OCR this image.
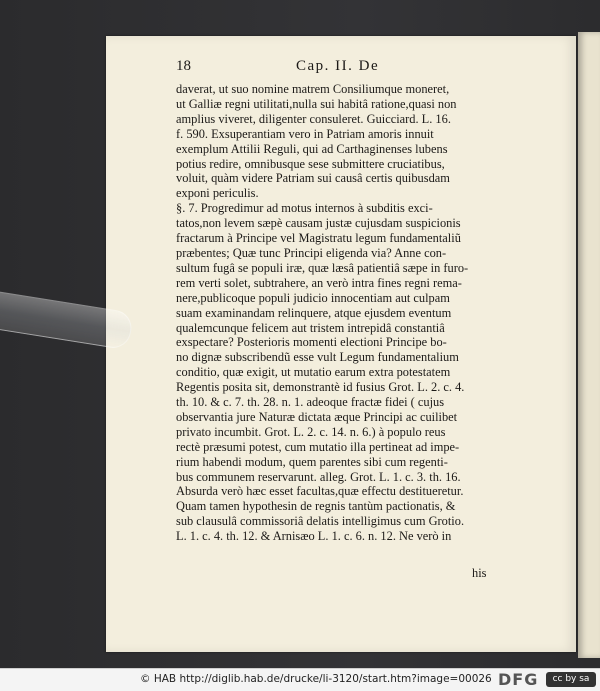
18	Cap. II. De
daverat, ut suo nomine matrem Consiliumque moneret,
ut Galliæ regni utilitati,nulla sui habitâ ratione,quasi non
amplius viveret, diligenter consuleret. Guicciard. L. 16.
f. 590. Exsuperantiam vero in Patriam amoris innuit
exemplum Attilii Reguli, qui ad Carthaginenses lubens
potius redire, omnibusque sese submittere cruciatibus,
voluit, quàm videre Patriam sui causâ certis quibusdam
exponi periculis.
§. 7. Progredimur ad motus internos à subditis exci-
tatos,non levem sæpè causam justæ cujusdam suspicionis
fractarum à Principe vel Magistratu legum fundamentaliũ
præbentes; Quæ tunc Principi eligenda via? Anne con-
sultum fugâ se populi iræ, quæ læsâ patientiâ sæpe in furo-
rem verti solet, subtrahere, an verò intra fines regni rema-
nere,publicoque populi judicio innocentiam aut culpam
suam examinandam relinquere, atque ejusdem eventum
qualemcunque felicem aut tristem intrepidâ constantiâ
exspectare? Posterioris momenti electioni Principe bo-
no dignæ subscribendũ esse vult Legum fundamentalium
conditio, quæ exigit, ut mutatio earum extra potestatem
Regentis posita sit, demonstrantè id fusius Grot. L. 2. c. 4.
th. 10. & c. 7. th. 28. n. 1. adeoque fractæ fidei ( cujus
observantia jure Naturæ dictata æque Principi ac cuilibet
privato incumbit. Grot. L. 2. c. 14. n. 6.) à populo reus
rectè præsumi potest, cum mutatio illa pertineat ad impe-
rium habendi modum, quem parentes sibi cum regenti-
bus communem reservarunt. alleg. Grot. L. 1. c. 3. th. 16.
Absurda verò hæc esset facultas,quæ effectu destitueretur.
Quam tamen hypothesin de regnis tantùm pactionatis, &
sub clausulâ commissoriâ delatis intelligimus cum Grotio.
L. 1. c. 4. th. 12. & Arnisæo L. 1. c. 6. n. 12. Ne verò in
his
© HAB http://diglib.hab.de/drucke/li-3120/start.htm?image=00026 DFG	cc by sa
